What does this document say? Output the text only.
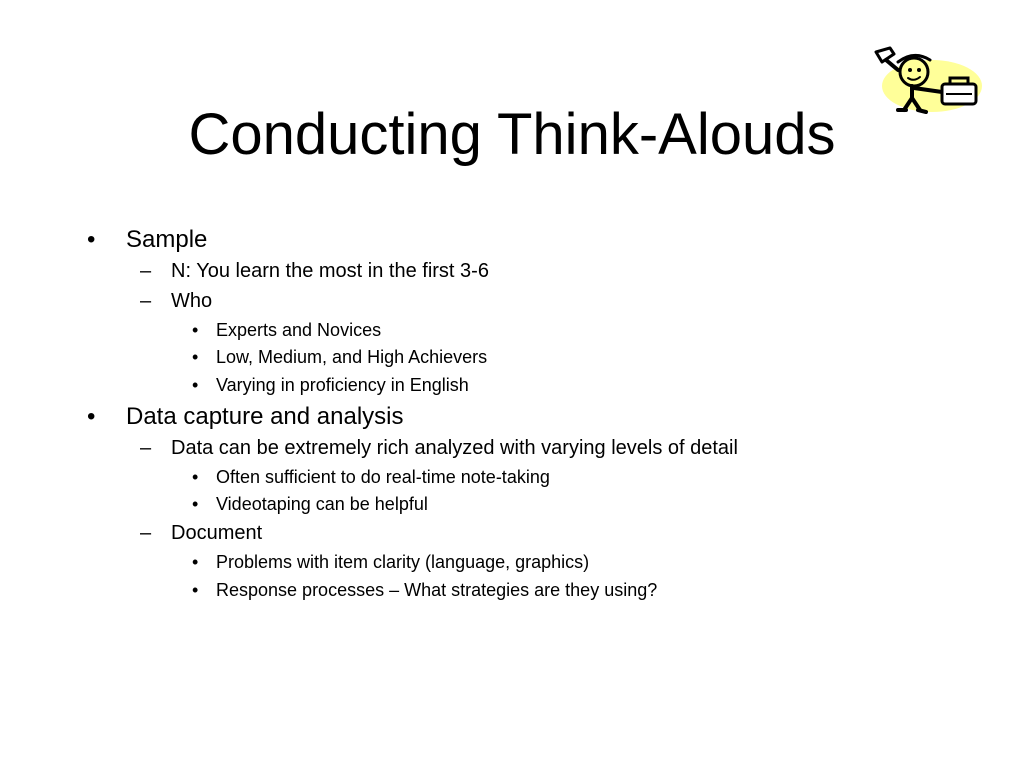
Conducting Think-Alouds
• Sample
– N: You learn the most in the first 3-6
– Who
• Experts and Novices
• Low, Medium, and High Achievers
• Varying in proficiency in English
• Data capture and analysis
– Data can be extremely rich analyzed with varying levels of detail
• Often sufficient to do real-time note-taking
• Videotaping can be helpful
– Document
• Problems with item clarity (language, graphics)
• Response processes – What strategies are they using?
